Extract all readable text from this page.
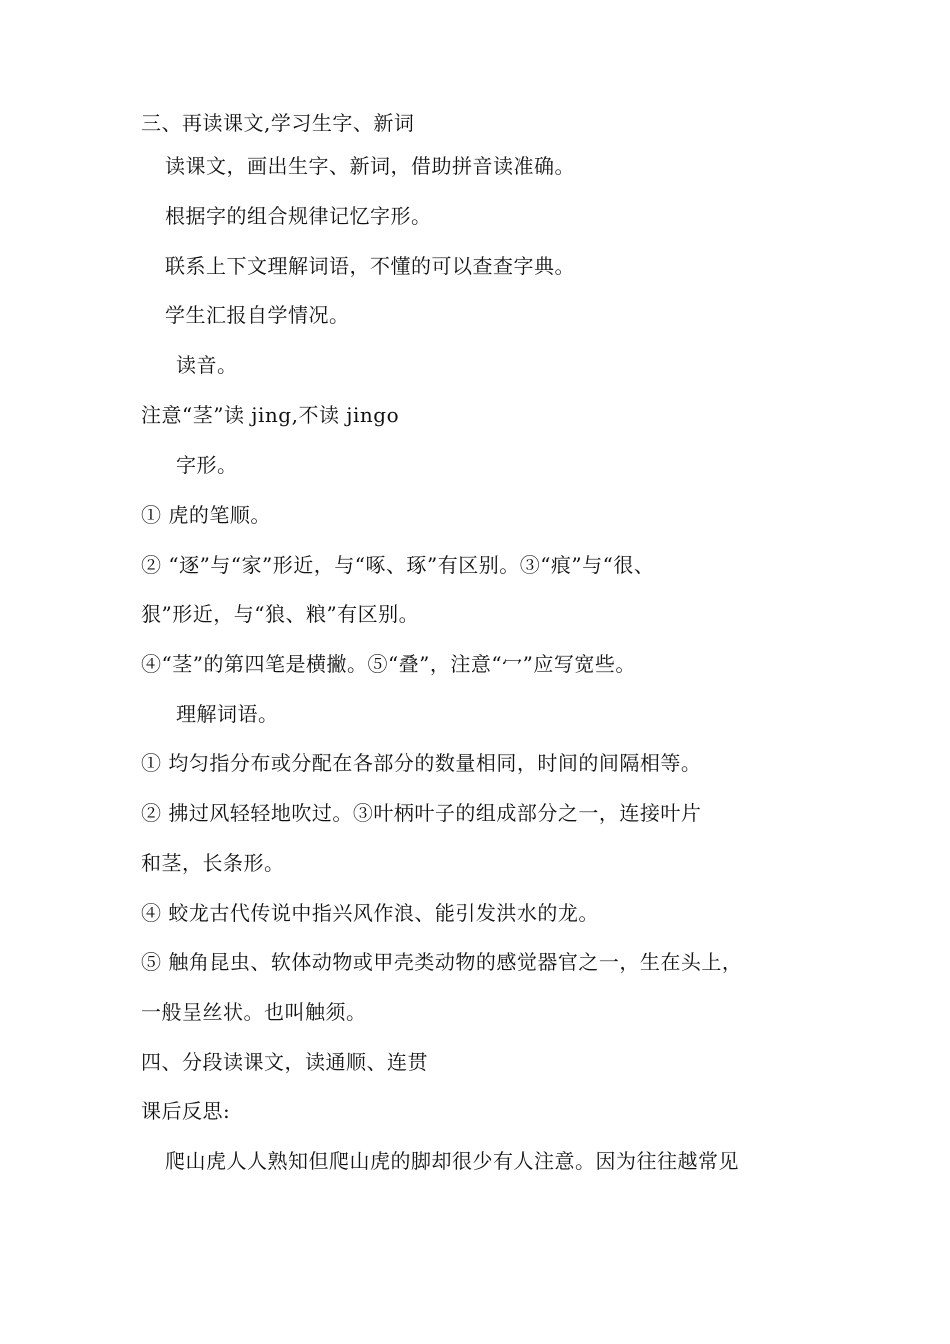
三、再读课文,学习生字、新词
读课文，画出生字、新词，借助拼音读准确。
根据字的组合规律记忆字形。
联系上下文理解词语，不懂的可以查查字典。
学生汇报自学情况。
读音。
注意“茎”读 jing,不读 jingo
字形。
① 虎的笔顺。
② “逐”与“家”形近，与“啄、琢”有区别。③“痕”与“很、
狠”形近，与“狼、粮”有区别。
④“茎”的第四笔是横撇。⑤“叠”，注意“冖”应写宽些。
理解词语。
① 均匀指分布或分配在各部分的数量相同，时间的间隔相等。
② 拂过风轻轻地吹过。③叶柄叶子的组成部分之一，连接叶片
和茎，长条形。
④ 蛟龙古代传说中指兴风作浪、能引发洪水的龙。
⑤ 触角昆虫、软体动物或甲壳类动物的感觉器官之一，生在头上，
一般呈丝状。也叫触须。
四、分段读课文，读通顺、连贯
课后反思:
爬山虎人人熟知但爬山虎的脚却很少有人注意。因为往往越常见
